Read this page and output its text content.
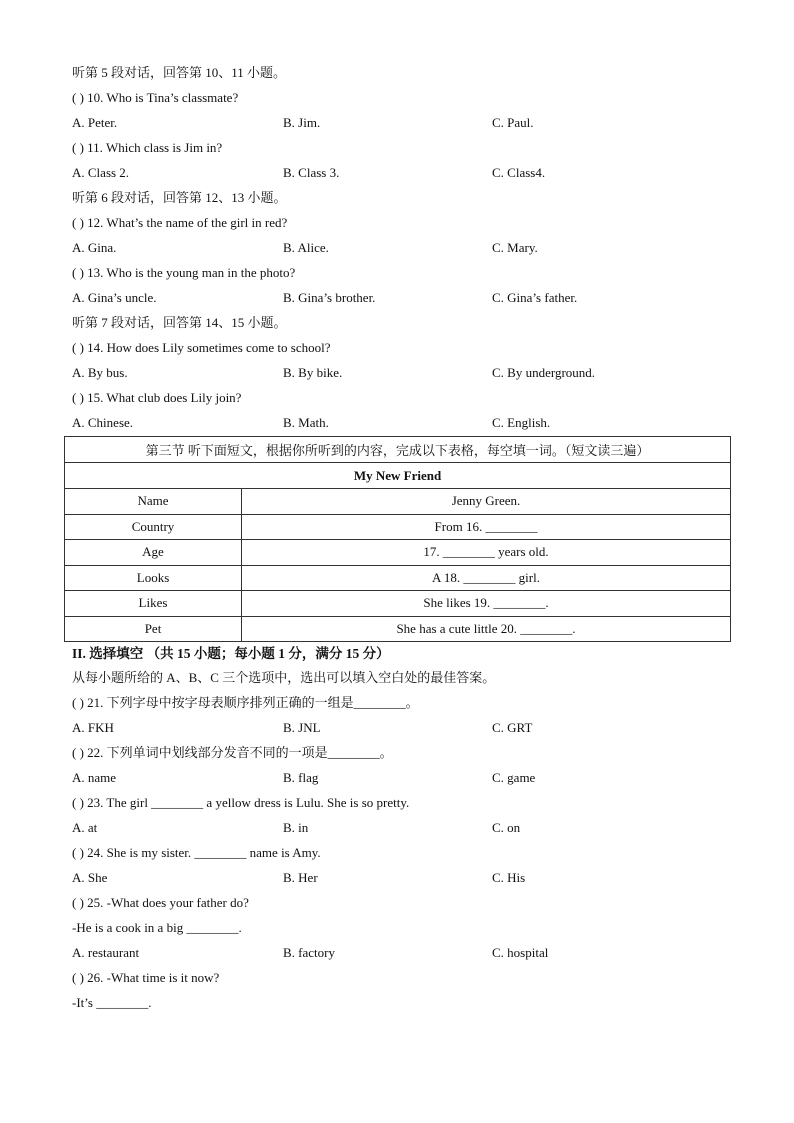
听第 5 段对话，回答第 10、11 小题。
( ) 10. Who is Tina’s classmate?
A. Peter.	B. Jim.	C. Paul.
( ) 11. Which class is Jim in?
A. Class 2.	B. Class 3.	C. Class4.
听第 6 段对话，回答第 12、13 小题。
( ) 12. What’s the name of the girl in red?
A. Gina.	B. Alice.	C. Mary.
( ) 13. Who is the young man in the photo?
A. Gina’s uncle.	B. Gina’s brother.	C. Gina’s father.
听第 7 段对话，回答第 14、15 小题。
( ) 14. How does Lily sometimes come to school?
A. By bus.	B. By bike.	C. By underground.
( ) 15. What club does Lily join?
A. Chinese.	B. Math.	C. English.
第三节 听下面短文，根据你所听到的内容，完成以下表格，每空填一词。（短文读三遍）	
My New Friend	
Name	Jenny Green.
Country	From 16. ________
Age	17. ________ years old.
Looks	A 18. ________ girl.
Likes	She likes 19. ________.
Pet	She has a cute little 20. ________.
II. 选择填空 （共 15 小题；每小题 1 分，满分 15 分）
从每小题所给的 A、B、C 三个选项中，选出可以填入空白处的最佳答案。
( ) 21. 下列字母中按字母表顺序排列正确的一组是________。
A. FKH	B. JNL	C. GRT
( ) 22. 下列单词中划线部分发音不同的一项是________。
A. name	B. flag	C. game
( ) 23. The girl ________ a yellow dress is Lulu. She is so pretty.
A. at	B. in	C. on
( ) 24. She is my sister. ________ name is Amy.
A. She	B. Her	C. His
( ) 25. -What does your father do?
-He is a cook in a big ________.
A. restaurant	B. factory	C. hospital
( ) 26. -What time is it now?
-It’s ________.
